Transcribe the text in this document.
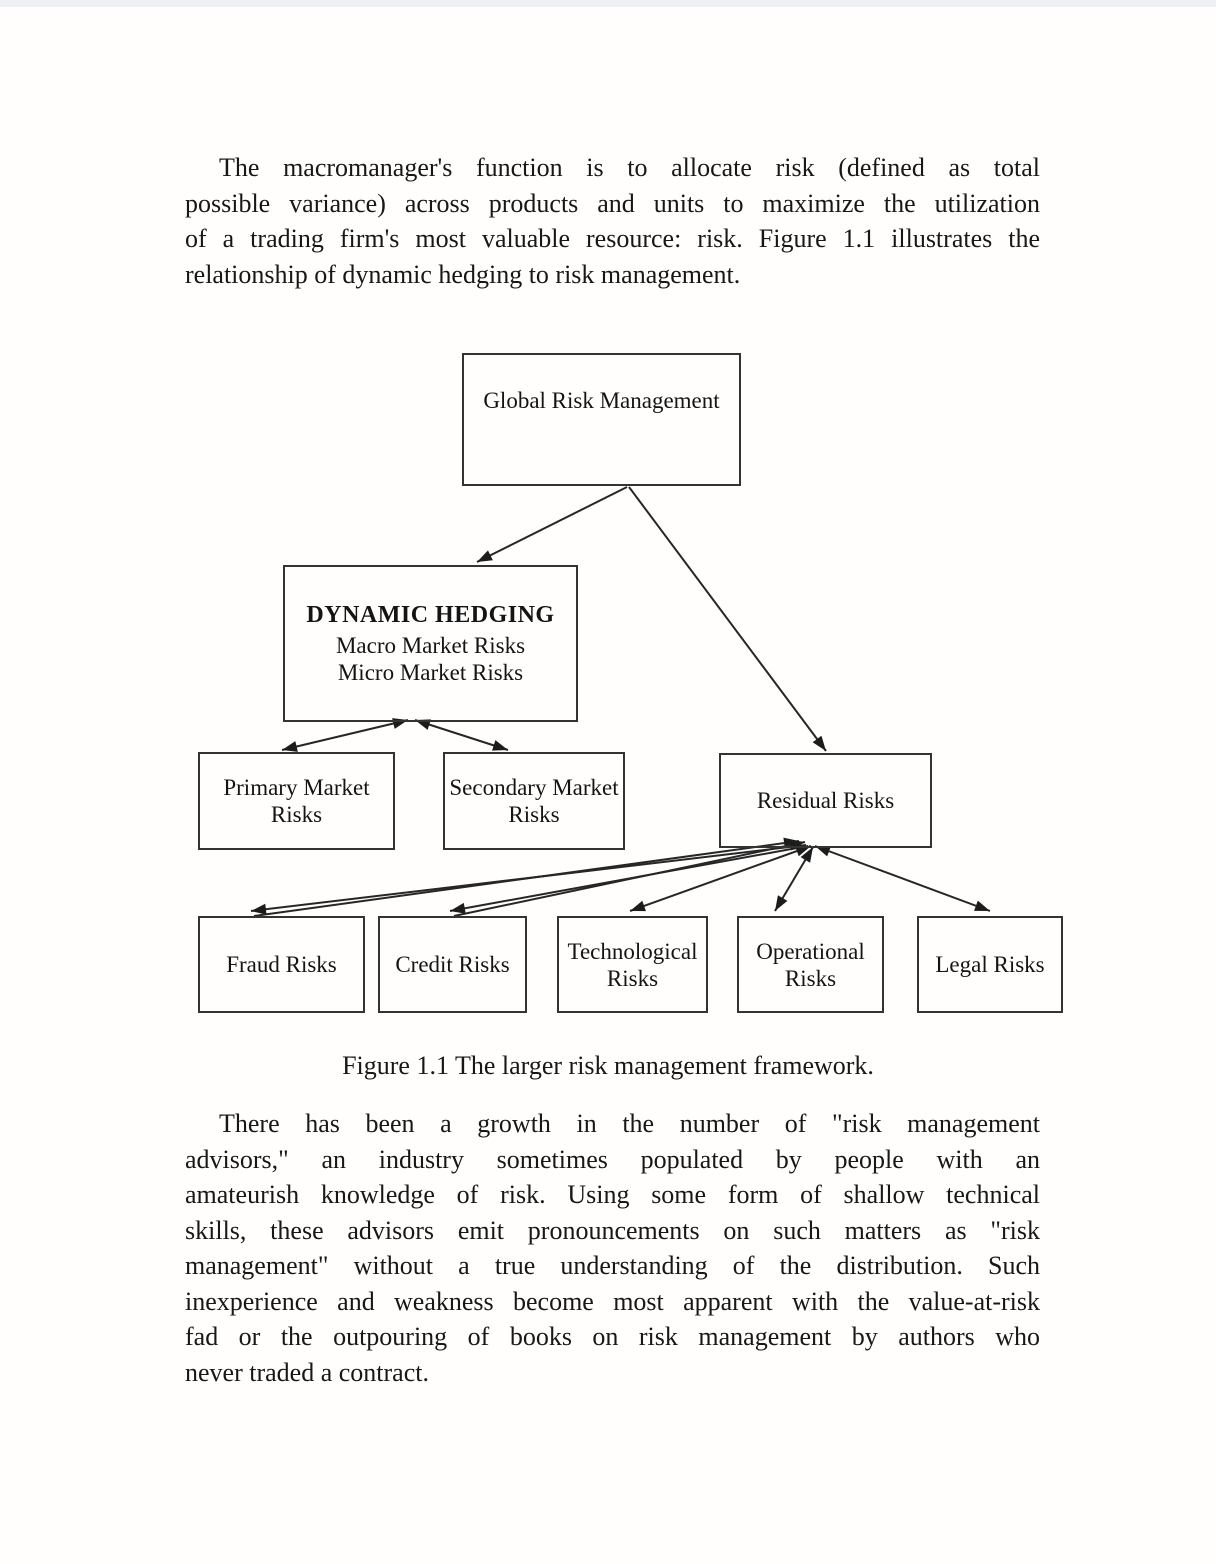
The macromanager's function is to allocate risk (defined as total
possible variance) across products and units to maximize the utilization
of a trading firm's most valuable resource: risk. Figure 1.1 illustrates the
relationship of dynamic hedging to risk management.

Global Risk Management
DYNAMIC HEDGING
Macro Market Risks
Micro Market Risks
Primary Market
Risks
Secondary Market
Risks
Residual Risks
Fraud Risks	Credit Risks
Technological
Risks
Operational
Risks
Legal Risks

Figure 1.1 The larger risk management framework.

There has been a growth in the number of "risk management
advisors," an industry sometimes populated by people with an
amateurish knowledge of risk. Using some form of shallow technical
skills, these advisors emit pronouncements on such matters as "risk
management" without a true understanding of the distribution. Such
inexperience and weakness become most apparent with the value-at-risk
fad or the outpouring of books on risk management by authors who
never traded a contract.
